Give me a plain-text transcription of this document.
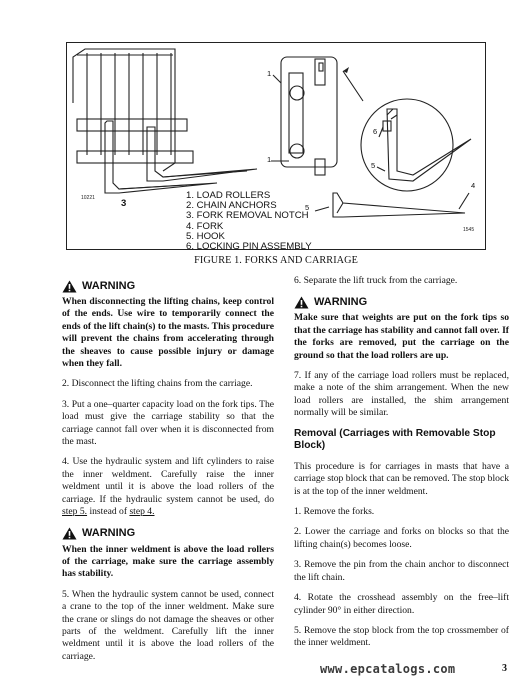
1
1
3
4
5
5
6
10221
1545
1. LOAD ROLLERS
2. CHAIN ANCHORS
3. FORK REMOVAL NOTCH
4. FORK
5. HOOK
6. LOCKING PIN ASSEMBLY
FIGURE 1. FORKS AND CARRIAGE
WARNING

When disconnecting the lifting chains, keep control of the ends. Use wire to temporarily connect the ends of the lift chain(s) to the masts. This procedure will prevent the chains from accelerating through the sheaves to cause possible injury or damage when they fall.

2. Disconnect the lifting chains from the carriage.

3. Put a one–quarter capacity load on the fork tips. The load must give the carriage stability so that the carriage cannot fall over when it is disconnected from the mast.

4. Use the hydraulic system and lift cylinders to raise the inner weldment. Carefully raise the inner weldment until it is above the load rollers of the carriage. If the hydraulic system cannot be used, do step 5. instead of step 4.

WARNING

When the inner weldment is above the load rollers of the carriage, make sure the carriage assembly has stability.

5. When the hydraulic system cannot be used, connect a crane to the top of the inner weldment. Make sure the crane or slings do not damage the sheaves or other parts of the weldment. Carefully lift the inner weldment until it is above the load rollers of the carriage.

6. Separate the lift truck from the carriage.

WARNING

Make sure that weights are put on the fork tips so that the carriage has stability and cannot fall over. If the forks are removed, put the carriage on the ground so that the load rollers are up.

7. If any of the carriage load rollers must be replaced, make a note of the shim arrangement. When the new load rollers are installed, the shim arrangement normally will be similar.

Removal (Carriages with Removable Stop Block)

This procedure is for carriages in masts that have a carriage stop block that can be removed. The stop block is at the top of the inner weldment.

1. Remove the forks.

2. Lower the carriage and forks on blocks so that the lifting chain(s) becomes loose.

3. Remove the pin from the chain anchor to disconnect the lift chain.

4. Rotate the crosshead assembly on the free–lift cylinder 90° in either direction.

5. Remove the stop block from the top crossmember of the inner weldment.

www.epcatalogs.com	3
